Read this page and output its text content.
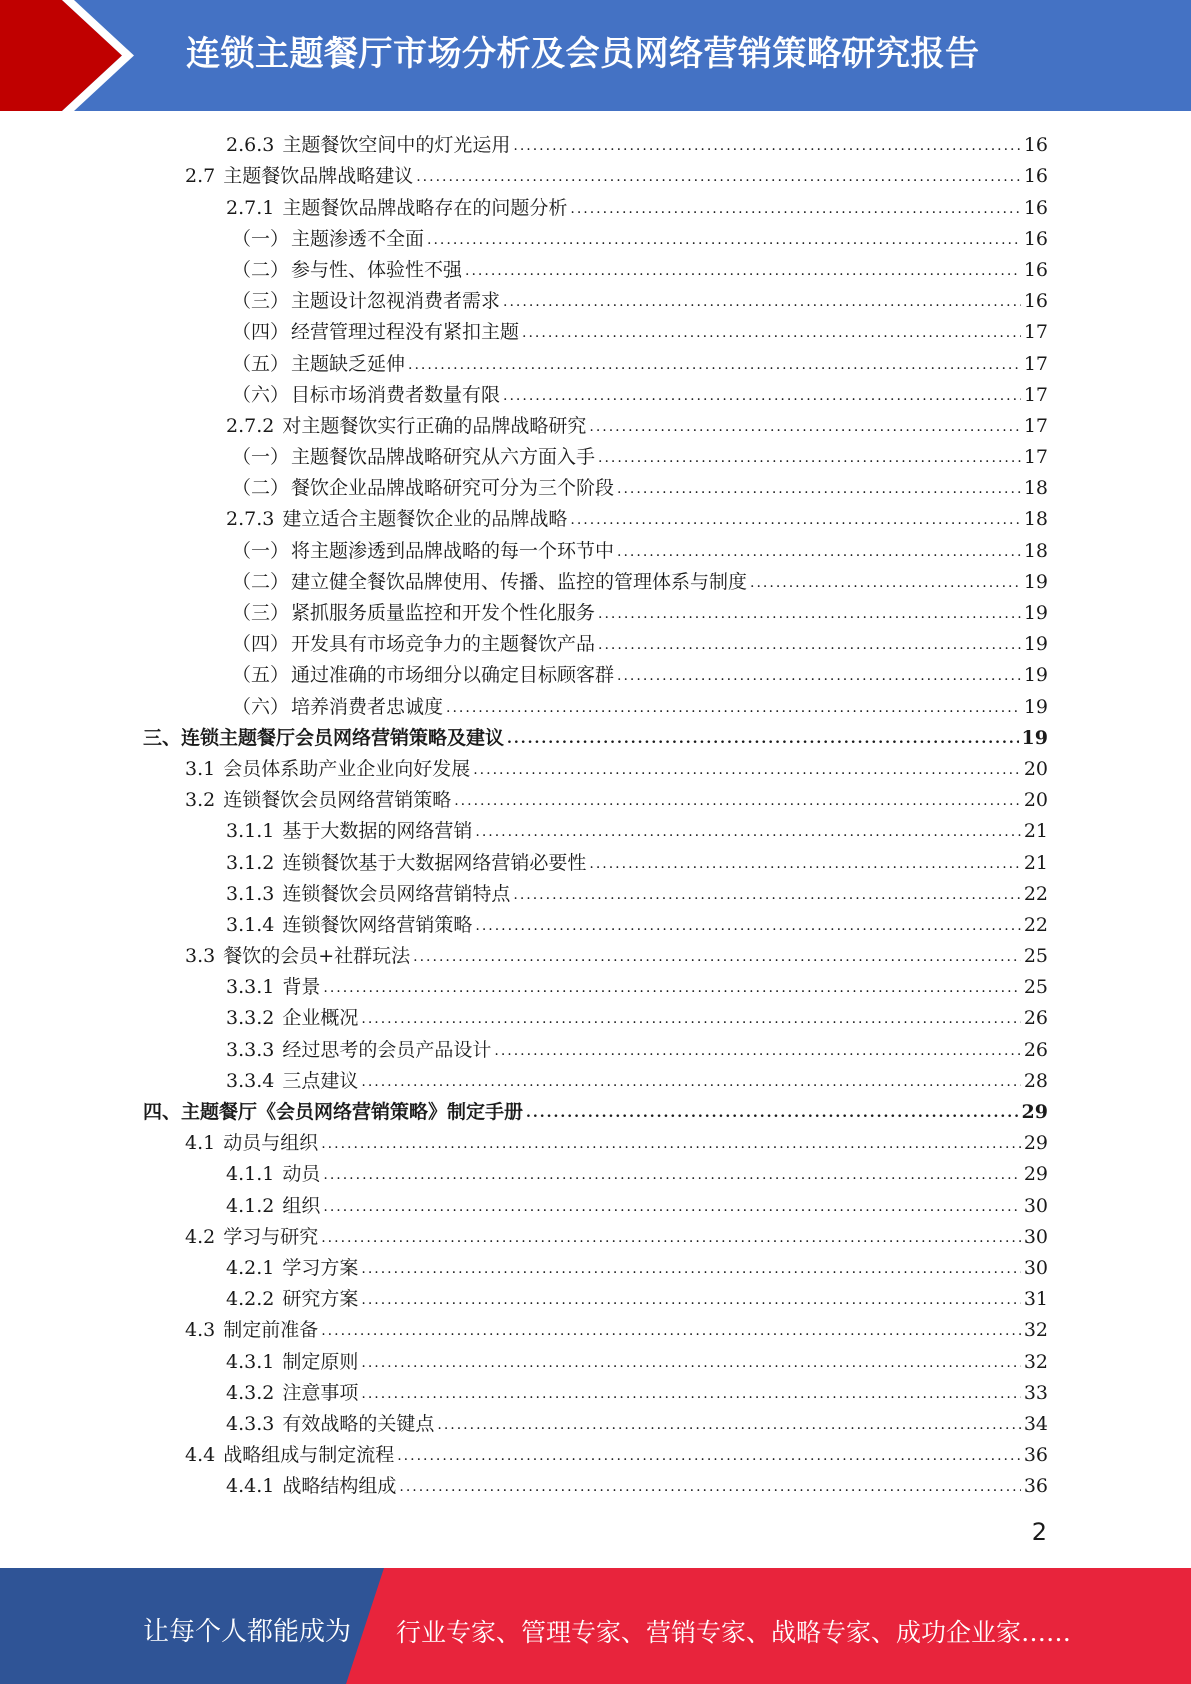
连锁主题餐厅市场分析及会员网络营销策略研究报告
2.6.3 主题餐饮空间中的灯光运用 .....	16
2.7 主题餐饮品牌战略建议 .....	16
2.7.1 主题餐饮品牌战略存在的问题分析 .....	16
（一） 主题渗透不全面 .....	16
（二） 参与性、体验性不强 .....	16
（三） 主题设计忽视消费者需求 .....	16
（四） 经营管理过程没有紧扣主题 .....	17
（五） 主题缺乏延伸 .....	17
（六） 目标市场消费者数量有限 .....	17
2.7.2 对主题餐饮实行正确的品牌战略研究 .....	17
（一） 主题餐饮品牌战略研究从六方面入手 .....	17
（二） 餐饮企业品牌战略研究可分为三个阶段 .....	18
2.7.3 建立适合主题餐饮企业的品牌战略 .....	18
（一） 将主题渗透到品牌战略的每一个环节中 .....	18
（二） 建立健全餐饮品牌使用、传播、监控的管理体系与制度 .....	19
（三） 紧抓服务质量监控和开发个性化服务 .....	19
（四） 开发具有市场竞争力的主题餐饮产品 .....	19
（五） 通过准确的市场细分以确定目标顾客群 .....	19
（六） 培养消费者忠诚度 .....	19
三、连锁主题餐厅会员网络营销策略及建议 .....	19
3.1 会员体系助产业企业向好发展 .....	20
3.2 连锁餐饮会员网络营销策略 .....	20
3.1.1 基于大数据的网络营销 .....	21
3.1.2 连锁餐饮基于大数据网络营销必要性 .....	21
3.1.3 连锁餐饮会员网络营销特点 .....	22
3.1.4 连锁餐饮网络营销策略 .....	22
3.3 餐饮的会员+社群玩法 .....	25
3.3.1 背景 .....	25
3.3.2 企业概况 .....	26
3.3.3 经过思考的会员产品设计 .....	26
3.3.4 三点建议 .....	28
四、主题餐厅《会员网络营销策略》制定手册 .....	29
4.1 动员与组织 .....	29
4.1.1 动员 .....	29
4.1.2 组织 .....	30
4.2 学习与研究 .....	30
4.2.1 学习方案 .....	30
4.2.2 研究方案 .....	31
4.3 制定前准备 .....	32
4.3.1 制定原则 .....	32
4.3.2 注意事项 .....	33
4.3.3 有效战略的关键点 .....	34
4.4 战略组成与制定流程 .....	36
4.4.1 战略结构组成 .....	36
2
让每个人都能成为 行业专家、管理专家、营销专家、战略专家、成功企业家……
